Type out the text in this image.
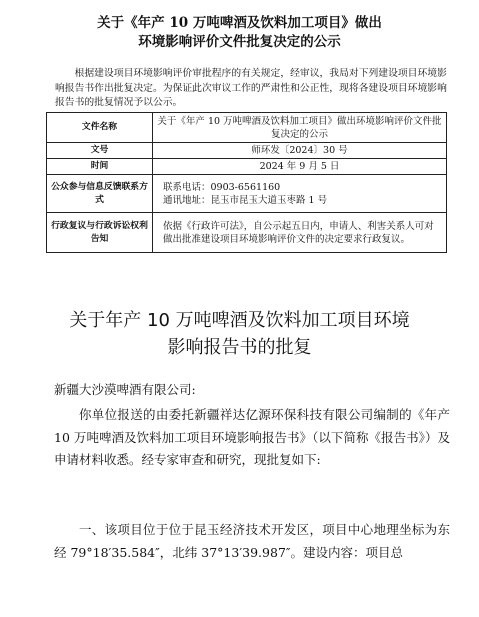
关于《年产 10 万吨啤酒及饮料加工项目》做出
环境影响评价文件批复决定的公示

根据建设项目环境影响评价审批程序的有关规定，经审议，我局对下列建设项目环境影响报告书作出批复决定。为保证此次审议工作的严肃性和公正性，现将各建设项目环境影响报告书的批复情况予以公示。

文件名称	关于《年产 10 万吨啤酒及饮料加工项目》做出环境影响评价文件批复决定的公示
文号	师环发〔2024〕30 号
时间	2024 年 9 月 5 日
公众参与信息反馈联系方式	联系电话：0903-6561160
通讯地址：昆玉市昆玉大道玉枣路 1 号

行政复议与行政诉讼权利告知	依据《行政许可法》，自公示起五日内，申请人、利害关系人可对做出批准建设项目环境影响评价文件的决定要求行政复议。
关于年产 10 万吨啤酒及饮料加工项目环境
影响报告书的批复

新疆大沙漠啤酒有限公司:

你单位报送的由委托新疆祥达亿源环保科技有限公司编制的《年产 10 万吨啤酒及饮料加工项目环境影响报告书》（以下简称《报告书》）及申请材料收悉。经专家审查和研究，现批复如下:

一、该项目位于位于昆玉经济技术开发区，项目中心地理坐标为东经 79°18′35.584″，北纬 37°13′39.987″。建设内容：项目总
